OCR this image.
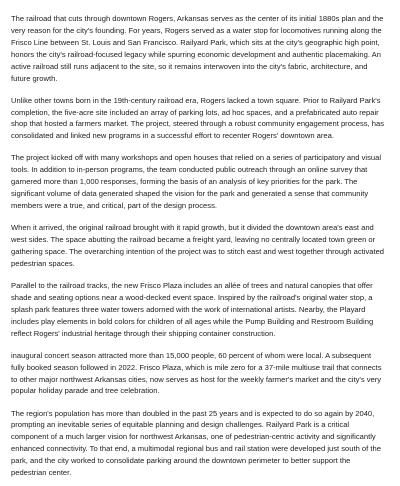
The railroad that cuts through downtown Rogers, Arkansas serves as the center of its initial 1880s plan and the very reason for the city's founding. For years, Rogers served as a water stop for locomotives running along the Frisco Line between St. Louis and San Francisco. Railyard Park, which sits at the city's geographic high point, honors the city's railroad-focused legacy while spurring economic development and authentic placemaking. An active railroad still runs adjacent to the site, so it remains interwoven into the city's fabric, architecture, and future growth.

Unlike other towns born in the 19th-century railroad era, Rogers lacked a town square. Prior to Railyard Park's completion, the five-acre site included an array of parking lots, ad hoc spaces, and a prefabricated auto repair shop that hosted a farmers market. The project, steered through a robust community engagement process, has consolidated and linked new programs in a successful effort to recenter Rogers' downtown area.

The project kicked off with many workshops and open houses that relied on a series of participatory and visual tools. In addition to in-person programs, the team conducted public outreach through an online survey that garnered more than 1,000 responses, forming the basis of an analysis of key priorities for the park. The significant volume of data generated shaped the vision for the park and generated a sense that community members were a true, and critical, part of the design process.

When it arrived, the original railroad brought with it rapid growth, but it divided the downtown area's east and west sides. The space abutting the railroad became a freight yard, leaving no centrally located town green or gathering space. The overarching intention of the project was to stitch east and west together through activated pedestrian spaces.

Parallel to the railroad tracks, the new Frisco Plaza includes an allée of trees and natural canopies that offer shade and seating options near a wood-decked event space. Inspired by the railroad's original water stop, a splash park features three water towers adorned with the work of international artists. Nearby, the Playard includes play elements in bold colors for children of all ages while the Pump Building and Restroom Building reflect Rogers' industrial heritage through their shipping container construction.

inaugural concert season attracted more than 15,000 people, 60 percent of whom were local. A subsequent fully booked season followed in 2022. Frisco Plaza, which is mile zero for a 37-mile multiuse trail that connects to other major northwest Arkansas cities, now serves as host for the weekly farmer's market and the city's very popular holiday parade and tree celebration.

The region's population has more than doubled in the past 25 years and is expected to do so again by 2040, prompting an inevitable series of equitable planning and design challenges. Railyard Park is a critical component of a much larger vision for northwest Arkansas, one of pedestrian-centric activity and significantly enhanced connectivity. To that end, a multimodal regional bus and rail station were developed just south of the park, and the city worked to consolidate parking around the downtown perimeter to better support the pedestrian center.
